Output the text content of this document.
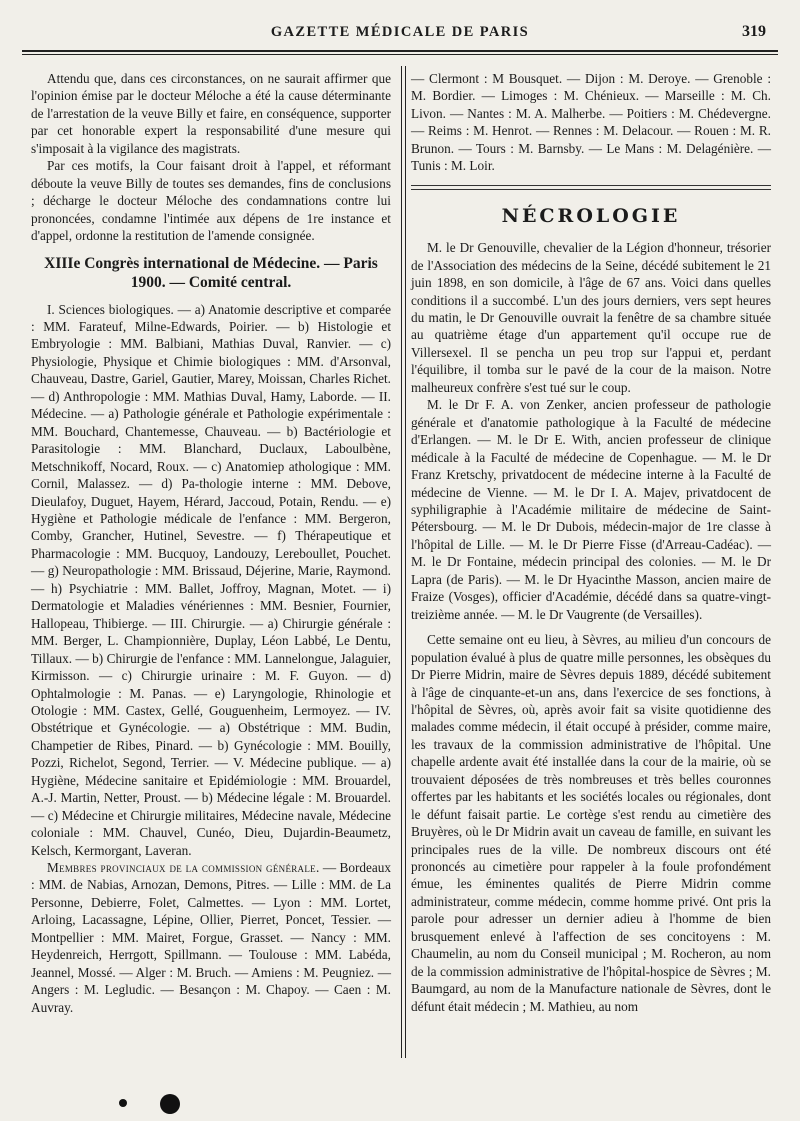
GAZETTE MÉDICALE DE PARIS	319

Attendu que, dans ces circonstances, on ne saurait affirmer que l'opinion émise par le docteur Méloche a été la cause déterminante de l'arrestation de la veuve Billy et faire, en conséquence, supporter par cet honorable expert la responsabilité d'une mesure qui s'imposait à la vigilance des magistrats.

Par ces motifs, la Cour faisant droit à l'appel, et réformant déboute la veuve Billy de toutes ses demandes, fins de conclusions ; décharge le docteur Méloche des condamnations contre lui prononcées, condamne l'intimée aux dépens de 1re instance et d'appel, ordonne la restitution de l'amende consignée.

XIIIe Congrès international de Médecine. — Paris
1900. — Comité central.

I. Sciences biologiques. — a) Anatomie descriptive et comparée : MM. Farateuf, Milne-Edwards, Poirier. — b) Histologie et Embryologie : MM. Balbiani, Mathias Duval, Ranvier. — c) Physiologie, Physique et Chimie biologiques : MM. d'Arsonval, Chauveau, Dastre, Gariel, Gautier, Marey, Moissan, Charles Richet. — d) Anthropologie : MM. Mathias Duval, Hamy, Laborde. — II. Médecine. — a) Pathologie générale et Pathologie expérimentale : MM. Bouchard, Chantemesse, Chauveau. — b) Bactériologie et Parasitologie : MM. Blanchard, Duclaux, Laboulbène, Metschnikoff, Nocard, Roux. — c) Anatomiep athologique : MM. Cornil, Malassez. — d) Pa-thologie interne : MM. Debove, Dieulafoy, Duguet, Hayem, Hérard, Jaccoud, Potain, Rendu. — e) Hygiène et Pathologie médicale de l'enfance : MM. Bergeron, Comby, Grancher, Hutinel, Sevestre. — f) Thérapeutique et Pharmacologie : MM. Bucquoy, Landouzy, Lereboullet, Pouchet. — g) Neuropathologie : MM. Brissaud, Déjerine, Marie, Raymond. — h) Psychiatrie : MM. Ballet, Joffroy, Magnan, Motet. — i) Dermatologie et Maladies vénériennes : MM. Besnier, Fournier, Hallopeau, Thibierge. — III. Chirurgie. — a) Chirurgie générale : MM. Berger, L. Championnière, Duplay, Léon Labbé, Le Dentu, Tillaux. — b) Chirurgie de l'enfance : MM. Lannelongue, Jalaguier, Kirmisson. — c) Chirurgie urinaire : M. F. Guyon. — d) Ophtalmologie : M. Panas. — e) Laryngologie, Rhinologie et Otologie : MM. Castex, Gellé, Gouguenheim, Lermoyez. — IV. Obstétrique et Gynécologie. — a) Obstétrique : MM. Budin, Champetier de Ribes, Pinard. — b) Gynécologie : MM. Bouilly, Pozzi, Richelot, Segond, Terrier. — V. Médecine publique. — a) Hygiène, Médecine sanitaire et Epidémiologie : MM. Brouardel, A.-J. Martin, Netter, Proust. — b) Médecine légale : M. Brouardel. — c) Médecine et Chirurgie militaires, Médecine navale, Médecine coloniale : MM. Chauvel, Cunéo, Dieu, Dujardin-Beaumetz, Kelsch, Kermorgant, Laveran.

Membres provinciaux de la commission générale. — Bordeaux : MM. de Nabias, Arnozan, Demons, Pitres. — Lille : MM. de La Personne, Debierre, Folet, Calmettes. — Lyon : MM. Lortet, Arloing, Lacassagne, Lépine, Ollier, Pierret, Poncet, Tessier. — Montpellier : MM. Mairet, Forgue, Grasset. — Nancy : MM. Heydenreich, Herrgott, Spillmann. — Toulouse : MM. Labéda, Jeannel, Mossé. — Alger : M. Bruch. — Amiens : M. Peugniez. — Angers : M. Legludic. — Besançon : M. Chapoy. — Caen : M. Auvray.

— Clermont : M Bousquet. — Dijon : M. Deroye. — Grenoble : M. Bordier. — Limoges : M. Chénieux. — Marseille : M. Ch. Livon. — Nantes : M. A. Malherbe. — Poitiers : M. Chédevergne. — Reims : M. Henrot. — Rennes : M. Delacour. — Rouen : M. R. Brunon. — Tours : M. Barnsby. — Le Mans : M. Delagénière. — Tunis : M. Loir.

NÉCROLOGIE

M. le Dr Genouville, chevalier de la Légion d'honneur, trésorier de l'Association des médecins de la Seine, décédé subitement le 21 juin 1898, en son domicile, à l'âge de 67 ans. Voici dans quelles conditions il a succombé. L'un des jours derniers, vers sept heures du matin, le Dr Genouville ouvrait la fenêtre de sa chambre située au quatrième étage d'un appartement qu'il occupe rue de Villersexel. Il se pencha un peu trop sur l'appui et, perdant l'équilibre, il tomba sur le pavé de la cour de la maison. Notre malheureux confrère s'est tué sur le coup.

M. le Dr F. A. von Zenker, ancien professeur de pathologie générale et d'anatomie pathologique à la Faculté de médecine d'Erlangen. — M. le Dr E. With, ancien professeur de clinique médicale à la Faculté de médecine de Copenhague. — M. le Dr Franz Kretschy, privatdocent de médecine interne à la Faculté de médecine de Vienne. — M. le Dr I. A. Majev, privatdocent de syphiligraphie à l'Académie militaire de médecine de Saint-Pétersbourg. — M. le Dr Dubois, médecin-major de 1re classe à l'hôpital de Lille. — M. le Dr Pierre Fisse (d'Arreau-Cadéac). — M. le Dr Fontaine, médecin principal des colonies. — M. le Dr Lapra (de Paris). — M. le Dr Hyacinthe Masson, ancien maire de Fraize (Vosges), officier d'Académie, décédé dans sa quatre-vingt-treizième année. — M. le Dr Vaugrente (de Versailles).

Cette semaine ont eu lieu, à Sèvres, au milieu d'un concours de population évalué à plus de quatre mille personnes, les obsèques du Dr Pierre Midrin, maire de Sèvres depuis 1889, décédé subitement à l'âge de cinquante-et-un ans, dans l'exercice de ses fonctions, à l'hôpital de Sèvres, où, après avoir fait sa visite quotidienne des malades comme médecin, il était occupé à présider, comme maire, les travaux de la commission administrative de l'hôpital. Une chapelle ardente avait été installée dans la cour de la mairie, où se trouvaient déposées de très nombreuses et très belles couronnes offertes par les habitants et les sociétés locales ou régionales, dont le défunt faisait partie. Le cortège s'est rendu au cimetière des Bruyères, où le Dr Midrin avait un caveau de famille, en suivant les principales rues de la ville. De nombreux discours ont été prononcés au cimetière pour rappeler à la foule profondément émue, les éminentes qualités de Pierre Midrin comme administrateur, comme médecin, comme homme privé. Ont pris la parole pour adresser un dernier adieu à l'homme de bien brusquement enlevé à l'affection de ses concitoyens : M. Chaumelin, au nom du Conseil municipal ; M. Rocheron, au nom de la commission administrative de l'hôpital-hospice de Sèvres ; M. Baumgard, au nom de la Manufacture nationale de Sèvres, dont le défunt était médecin ; M. Mathieu, au nom
